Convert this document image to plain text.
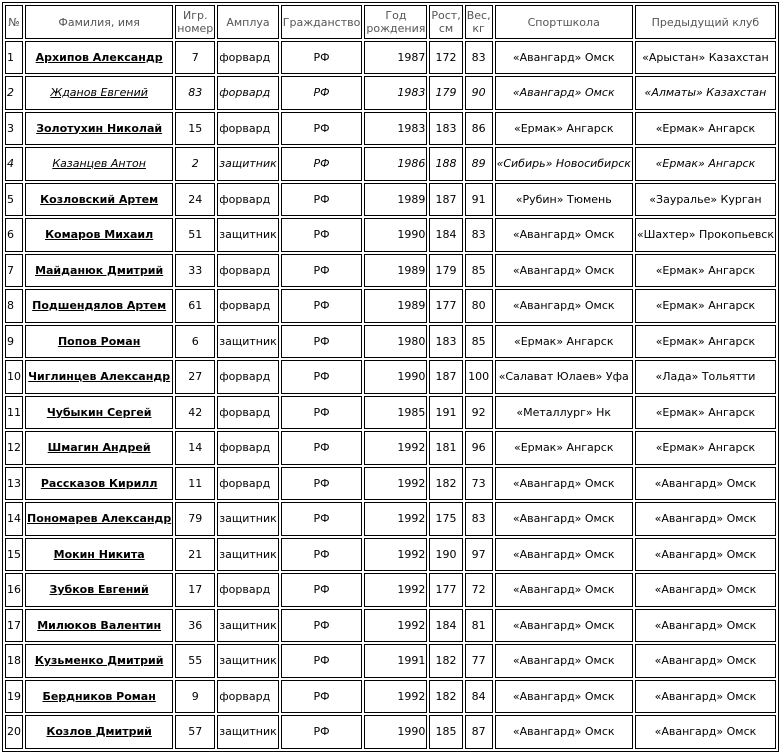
№	Фамилия, имя	Игр. номер	Амплуа	Гражданство	Год рождения	Рост, см	Вес, кг	Спортшкола	Предыдущий клуб
1	Архипов Александр	7	форвард	РФ	1987	172	83	«Авангард» Омск	«Арыстан» Казахстан
2	Жданов Евгений	83	форвард	РФ	1983	179	90	«Авангард» Омск	«Алматы» Казахстан
3	Золотухин Николай	15	форвард	РФ	1983	183	86	«Ермак» Ангарск	«Ермак» Ангарск
4	Казанцев Антон	2	защитник	РФ	1986	188	89	«Сибирь» Новосибирск	«Ермак» Ангарск
5	Козловский Артем	24	форвард	РФ	1989	187	91	«Рубин» Тюмень	«Зауралье» Курган
6	Комаров Михаил	51	защитник	РФ	1990	184	83	«Авангард» Омск	«Шахтер» Прокопьевск
7	Майданюк Дмитрий	33	форвард	РФ	1989	179	85	«Авангард» Омск	«Ермак» Ангарск
8	Подшендялов Артем	61	форвард	РФ	1989	177	80	«Авангард» Омск	«Ермак» Ангарск
9	Попов Роман	6	защитник	РФ	1980	183	85	«Ермак» Ангарск	«Ермак» Ангарск
10	Чиглинцев Александр	27	форвард	РФ	1990	187	100	«Салават Юлаев» Уфа	«Лада» Тольятти
11	Чубыкин Сергей	42	форвард	РФ	1985	191	92	«Металлург» Нк	«Ермак» Ангарск
12	Шмагин Андрей	14	форвард	РФ	1992	181	96	«Ермак» Ангарск	«Ермак» Ангарск
13	Рассказов Кирилл	11	форвард	РФ	1992	182	73	«Авангард» Омск	«Авангард» Омск
14	Пономарев Александр	79	защитник	РФ	1992	175	83	«Авангард» Омск	«Авангард» Омск
15	Мокин Никита	21	защитник	РФ	1992	190	97	«Авангард» Омск	«Авангард» Омск
16	Зубков Евгений	17	форвард	РФ	1992	177	72	«Авангард» Омск	«Авангард» Омск
17	Милюков Валентин	36	защитник	РФ	1992	184	81	«Авангард» Омск	«Авангард» Омск
18	Кузьменко Дмитрий	55	защитник	РФ	1991	182	77	«Авангард» Омск	«Авангард» Омск
19	Бердников Роман	9	форвард	РФ	1992	182	84	«Авангард» Омск	«Авангард» Омск
20	Козлов Дмитрий	57	защитник	РФ	1990	185	87	«Авангард» Омск	«Авангард» Омск
